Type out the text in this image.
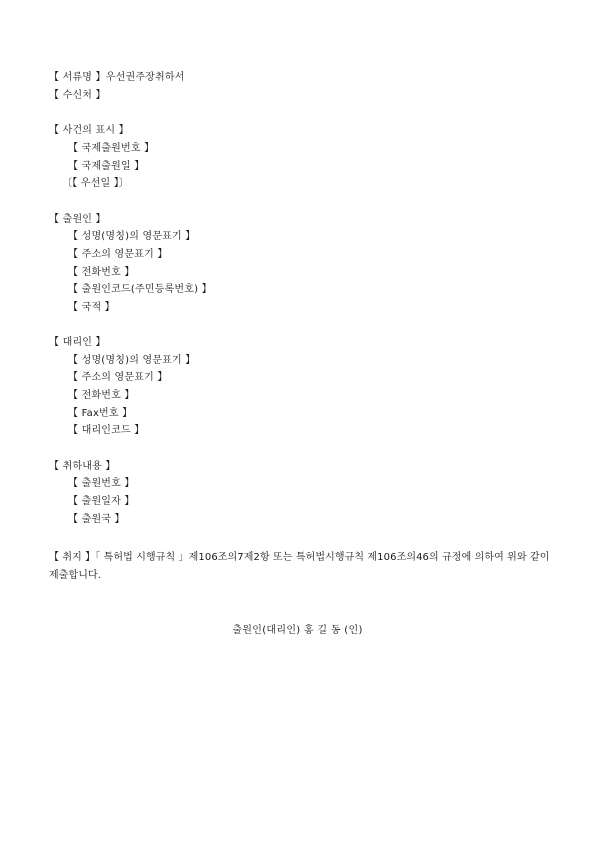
【 서류명 】우선권주장취하서
【 수신처 】
【 사건의 표시 】
【 국제출원번호 】
【 국제출원일 】
〔【 우선일 】〕
【 출원인 】
【 성명(명칭)의 영문표기 】
【 주소의 영문표기 】
【 전화번호 】
【 출원인코드(주민등록번호) 】
【 국적 】
【 대리인 】
【 성명(명칭)의 영문표기 】
【 주소의 영문표기 】
【 전화번호 】
【 Fax번호 】
【 대리인코드 】
【 취하내용 】
【 출원번호 】
【 출원일자 】
【 출원국 】
【 취지 】「 특허법 시행규칙 」제106조의7제2항 또는 특허법시행규칙 제106조의46의 규정에 의하여 위와 같이 제출합니다.
출원인(대리인) 홍 길 동 (인)
